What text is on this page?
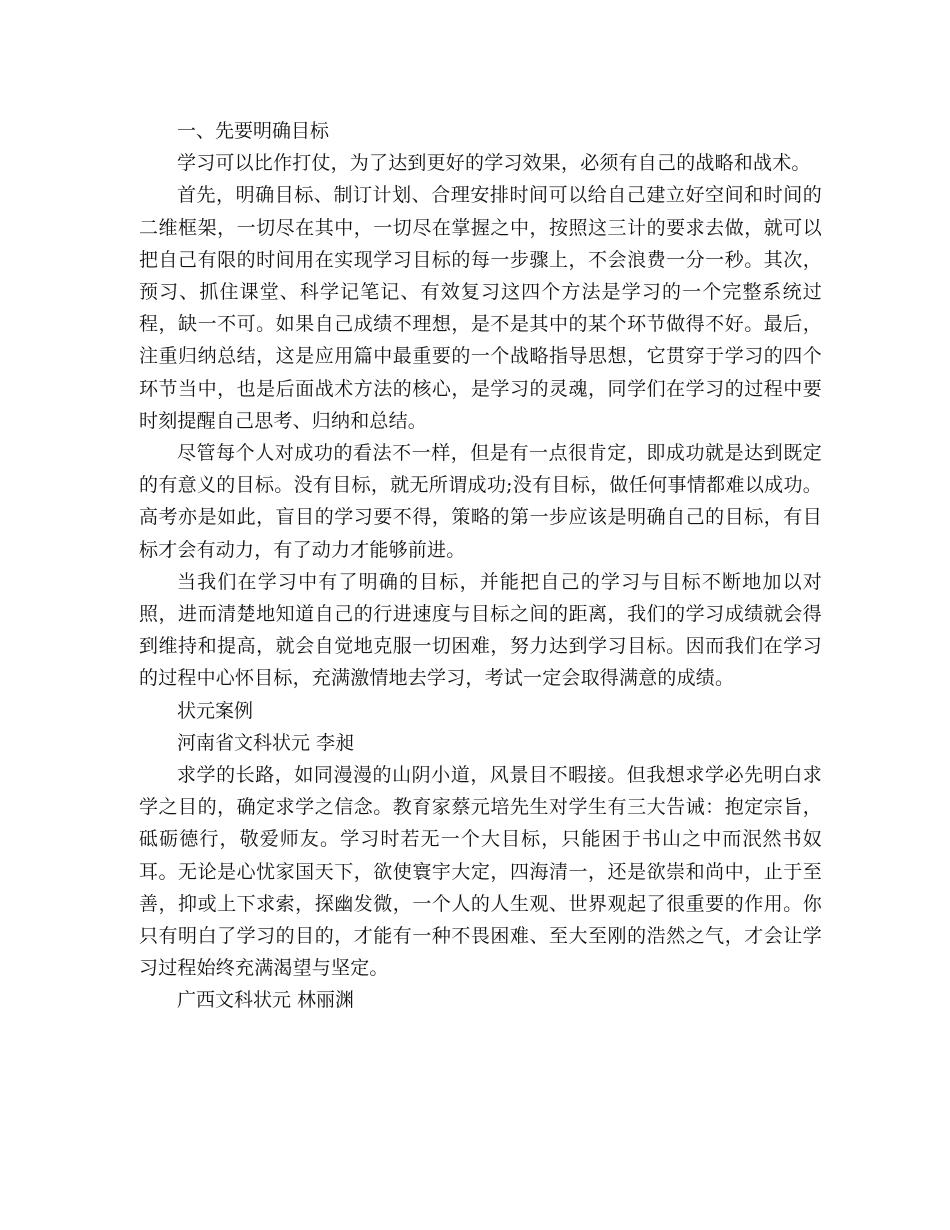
一、先要明确目标

学习可以比作打仗，为了达到更好的学习效果，必须有自己的战略和战术。

首先，明确目标、制订计划、合理安排时间可以给自己建立好空间和时间的二维框架，一切尽在其中，一切尽在掌握之中，按照这三计的要求去做，就可以把自己有限的时间用在实现学习目标的每一步骤上，不会浪费一分一秒。其次，预习、抓住课堂、科学记笔记、有效复习这四个方法是学习的一个完整系统过程，缺一不可。如果自己成绩不理想，是不是其中的某个环节做得不好。最后，注重归纳总结，这是应用篇中最重要的一个战略指导思想，它贯穿于学习的四个环节当中，也是后面战术方法的核心，是学习的灵魂，同学们在学习的过程中要时刻提醒自己思考、归纳和总结。

尽管每个人对成功的看法不一样，但是有一点很肯定，即成功就是达到既定的有意义的目标。没有目标，就无所谓成功;没有目标，做任何事情都难以成功。高考亦是如此，盲目的学习要不得，策略的第一步应该是明确自己的目标，有目标才会有动力，有了动力才能够前进。

当我们在学习中有了明确的目标，并能把自己的学习与目标不断地加以对照，进而清楚地知道自己的行进速度与目标之间的距离，我们的学习成绩就会得到维持和提高，就会自觉地克服一切困难，努力达到学习目标。因而我们在学习的过程中心怀目标，充满激情地去学习，考试一定会取得满意的成绩。

状元案例

河南省文科状元 李昶

求学的长路，如同漫漫的山阴小道，风景目不暇接。但我想求学必先明白求学之目的，确定求学之信念。教育家蔡元培先生对学生有三大告诫：抱定宗旨，砥砺德行，敬爱师友。学习时若无一个大目标，只能困于书山之中而泯然书奴耳。无论是心忧家国天下，欲使寰宇大定，四海清一，还是欲崇和尚中，止于至善，抑或上下求索，探幽发微，一个人的人生观、世界观起了很重要的作用。你只有明白了学习的目的，才能有一种不畏困难、至大至刚的浩然之气，才会让学习过程始终充满渴望与坚定。

广西文科状元 林丽渊
